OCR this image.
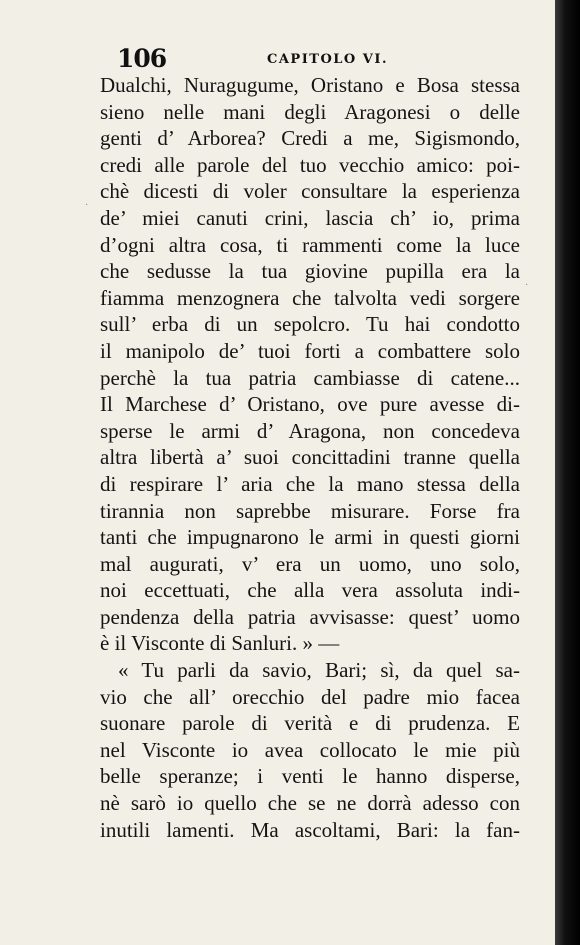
106	CAPITOLO VI.
Dualchi, Nuragugume, Oristano e Bosa stessa
sieno nelle mani degli Aragonesi o delle
genti d’ Arborea? Credi a me, Sigismondo,
credi alle parole del tuo vecchio amico: poi-
chè dicesti di voler consultare la esperienza
de’ miei canuti crini, lascia ch’ io, prima
d’ogni altra cosa, ti rammenti come la luce
che sedusse la tua giovine pupilla era la
fiamma menzognera che talvolta vedi sorgere
sull’ erba di un sepolcro. Tu hai condotto
il manipolo de’ tuoi forti a combattere solo
perchè la tua patria cambiasse di catene...
Il Marchese d’ Oristano, ove pure avesse di-
sperse le armi d’ Aragona, non concedeva
altra libertà a’ suoi concittadini tranne quella
di respirare l’ aria che la mano stessa della
tirannia non saprebbe misurare. Forse fra
tanti che impugnarono le armi in questi giorni
mal augurati, v’ era un uomo, uno solo,
noi eccettuati, che alla vera assoluta indi-
pendenza della patria avvisasse: quest’ uomo
è il Visconte di Sanluri. » —
« Tu parli da savio, Bari; sì, da quel sa-
vio che all’ orecchio del padre mio facea
suonare parole di verità e di prudenza. E
nel Visconte io avea collocato le mie più
belle speranze; i venti le hanno disperse,
nè sarò io quello che se ne dorrà adesso con
inutili lamenti. Ma ascoltami, Bari: la fan-
·
·
